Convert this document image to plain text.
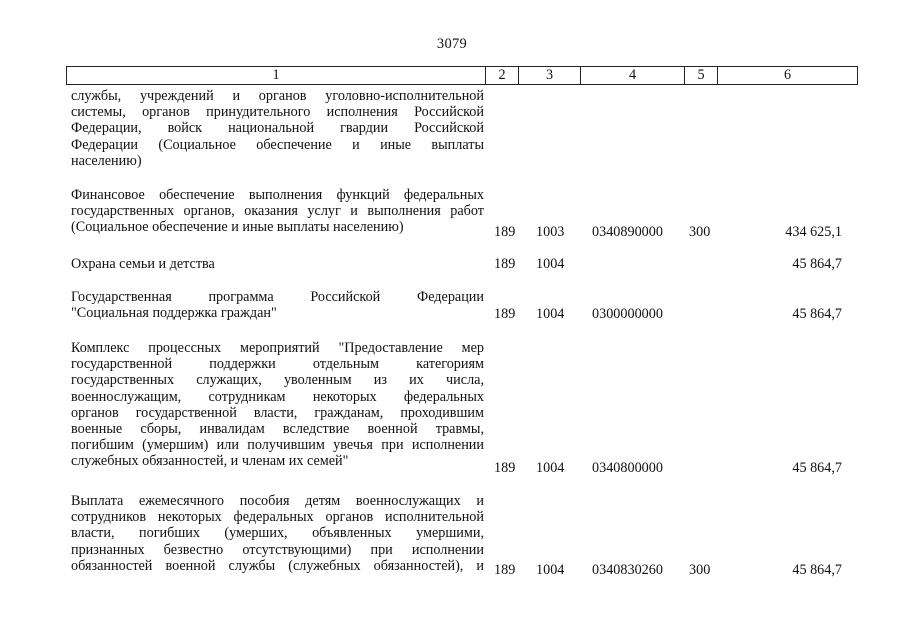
3079
1	2	3	4	5	6
службы, учреждений и органов уголовно-исполнительной
системы, органов принудительного исполнения Российской
Федерации, войск национальной гвардии Российской
Федерации (Социальное обеспечение и иные выплаты
населению)
Финансовое обеспечение выполнения функций федеральных
государственных органов, оказания услуг и выполнения работ
(Социальное обеспечение и иные выплаты населению)	189 1003 0340890000 300	434 625,1
Охрана семьи и детства	189 1004	45 864,7
Государственная программа Российской Федерации
"Социальная поддержка граждан"	189 1004 0300000000	45 864,7
Комплекс процессных мероприятий "Предоставление мер
государственной поддержки отдельным категориям
государственных служащих, уволенным из их числа,
военнослужащим, сотрудникам некоторых федеральных
органов государственной власти, гражданам, проходившим
военные сборы, инвалидам вследствие военной травмы,
погибшим (умершим) или получившим увечья при исполнении
служебных обязанностей, и членам их семей"	189 1004 0340800000	45 864,7
Выплата ежемесячного пособия детям военнослужащих и
сотрудников некоторых федеральных органов исполнительной
власти, погибших (умерших, объявленных умершими,
признанных безвестно отсутствующими) при исполнении
обязанностей военной службы (служебных обязанностей), и 189 1004 0340830260 300	45 864,7
